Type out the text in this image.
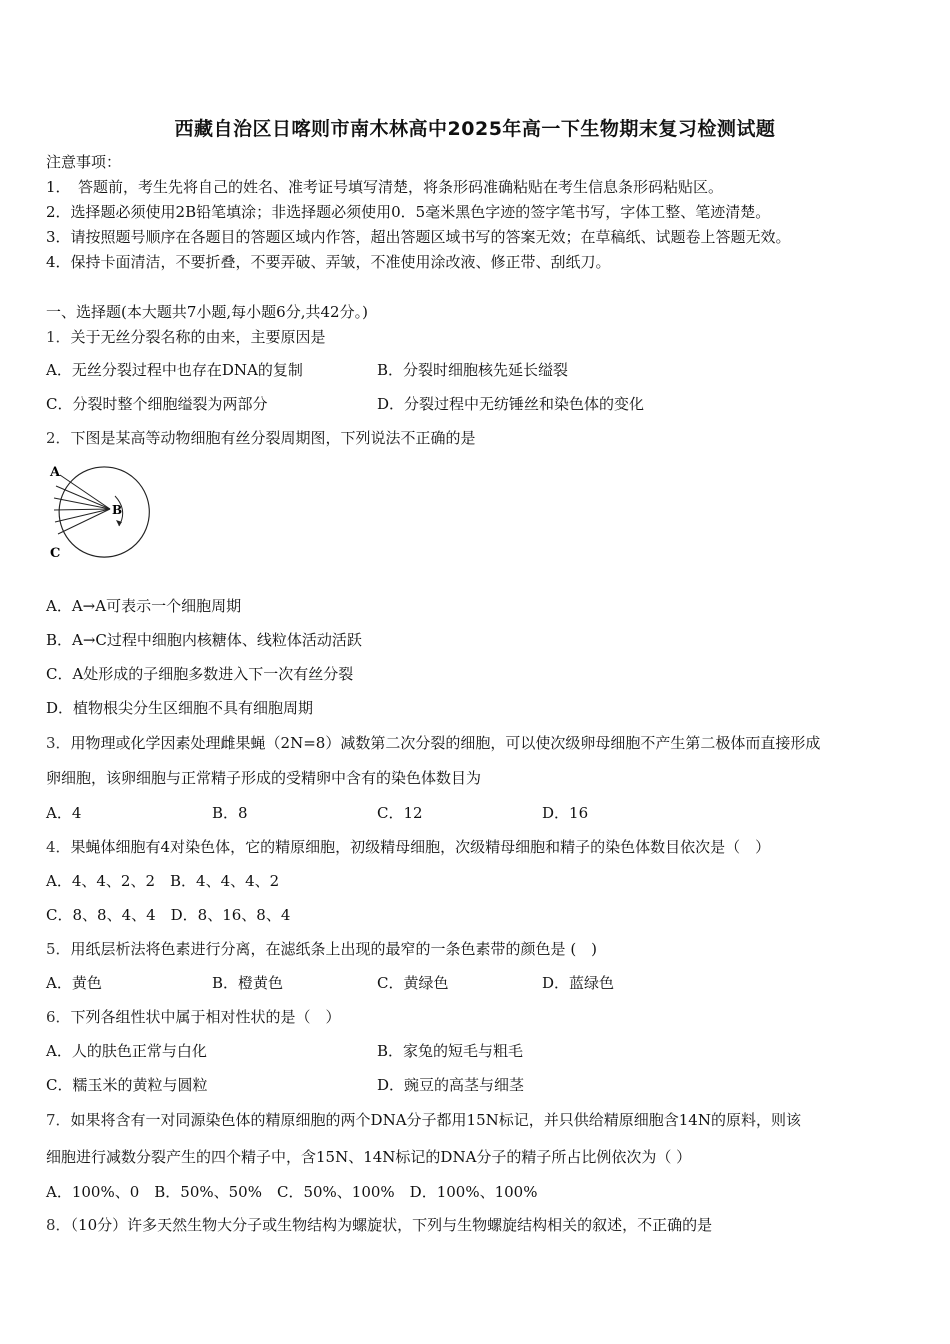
西藏自治区日喀则市南木林高中2025年高一下生物期末复习检测试题
注意事项：
1．　答题前，考生先将自己的姓名、准考证号填写清楚，将条形码准确粘贴在考生信息条形码粘贴区。
2．选择题必须使用2B铅笔填涂；非选择题必须使用0．5毫米黑色字迹的签字笔书写，字体工整、笔迹清楚。
3．请按照题号顺序在各题目的答题区域内作答，超出答题区域书写的答案无效；在草稿纸、试题卷上答题无效。
4．保持卡面清洁，不要折叠，不要弄破、弄皱，不准使用涂改液、修正带、刮纸刀。
一、选择题(本大题共7小题,每小题6分,共42分。)
1．关于无丝分裂名称的由来，主要原因是
A．无丝分裂过程中也存在DNA的复制	B．分裂时细胞核先延长缢裂
C．分裂时整个细胞缢裂为两部分	D．分裂过程中无纺锤丝和染色体的变化
2．下图是某高等动物细胞有丝分裂周期图，下列说法不正确的是
A
B
C
A．A→A可表示一个细胞周期
B．A→C过程中细胞内核糖体、线粒体活动活跃
C．A处形成的子细胞多数进入下一次有丝分裂
D．植物根尖分生区细胞不具有细胞周期
3．用物理或化学因素处理雌果蝇（2N=8）减数第二次分裂的细胞，可以使次级卵母细胞不产生第二极体而直接形成
卵细胞，该卵细胞与正常精子形成的受精卵中含有的染色体数目为
A．4	B．8	C．12	D．16
4．果蝇体细胞有4对染色体，它的精原细胞，初级精母细胞，次级精母细胞和精子的染色体数目依次是（　）
A．4、4、2、2　B．4、4、4、2
C．8、8、4、4　D．8、16、8、4
5．用纸层析法将色素进行分离，在滤纸条上出现的最窄的一条色素带的颜色是 (　)
A．黄色	B．橙黄色	C．黄绿色	D．蓝绿色
6．下列各组性状中属于相对性状的是（　）
A．人的肤色正常与白化	B．家兔的短毛与粗毛
C．糯玉米的黄粒与圆粒	D．豌豆的高茎与细茎
7．如果将含有一对同源染色体的精原细胞的两个DNA分子都用15N标记，并只供给精原细胞含14N的原料，则该
细胞进行减数分裂产生的四个精子中，含15N、14N标记的DNA分子的精子所占比例依次为（ ）
A．100%、0　B．50%、50%　C．50%、100%　D．100%、100%
8．（10分）许多天然生物大分子或生物结构为螺旋状，下列与生物螺旋结构相关的叙述，不正确的是
